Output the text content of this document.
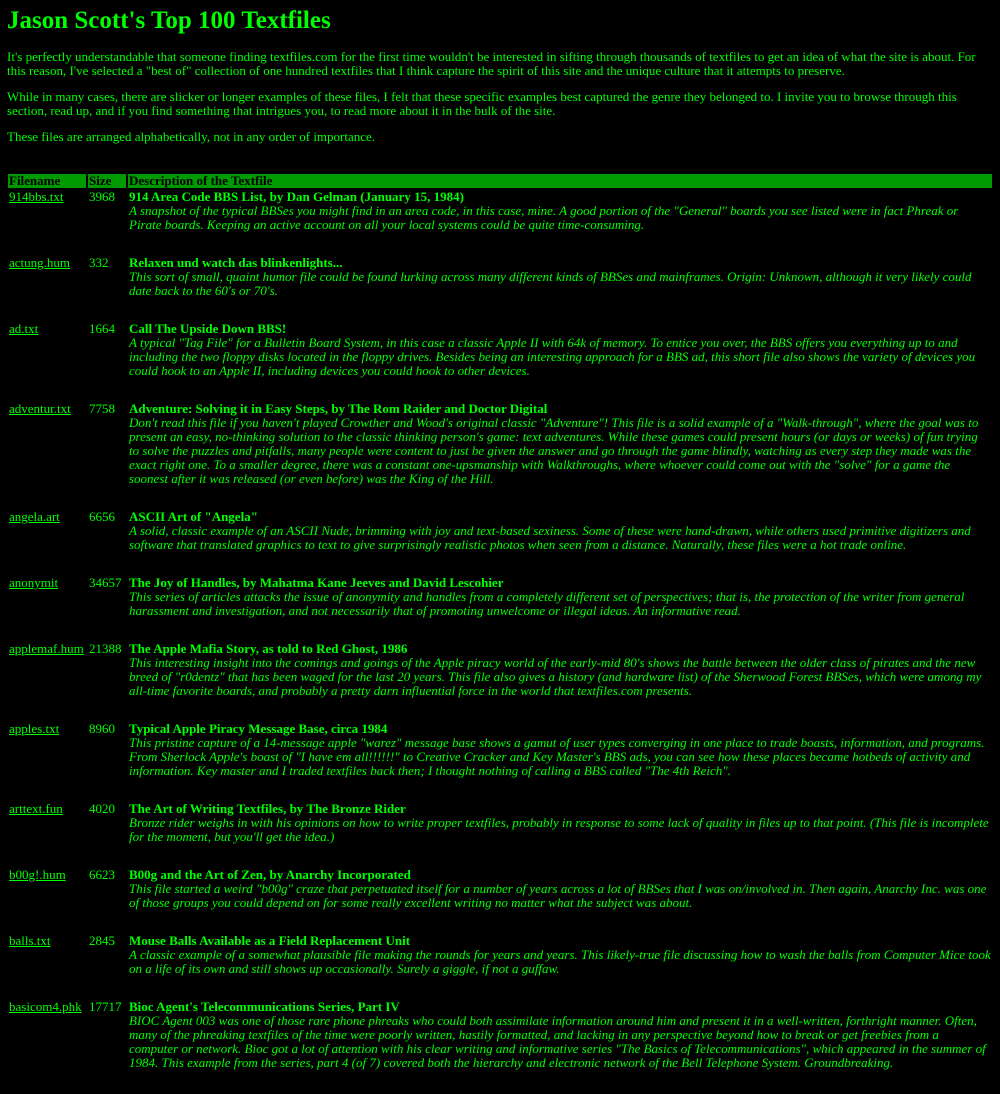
Jason Scott's Top 100 Textfiles

It's perfectly understandable that someone finding textfiles.com for the first time wouldn't be interested in sifting through thousands of textfiles to get an idea of what the site is about. For this reason, I've selected a "best of" collection of one hundred textfiles that I think capture the spirit of this site and the unique culture that it attempts to preserve.

While in many cases, there are slicker or longer examples of these files, I felt that these specific examples best captured the genre they belonged to. I invite you to browse through this section, read up, and if you find something that intrigues you, to read more about it in the bulk of the site.

These files are arranged alphabetically, not in any order of importance.

Filename	Size	Description of the Textfile
914bbs.txt	3968	914 Area Code BBS List, by Dan Gelman (January 15, 1984)
A snapshot of the typical BBSes you might find in an area code, in this case, mine. A good portion of the "General" boards you see listed were in fact Phreak or Pirate boards. Keeping an active account on all your local systems could be quite time-consuming.

actung.hum	332	Relaxen und watch das blinkenlights...
This sort of small, quaint humor file could be found lurking across many different kinds of BBSes and mainframes. Origin: Unknown, although it very likely could date back to the 60's or 70's.

ad.txt	1664	Call The Upside Down BBS!
A typical "Tag File" for a Bulletin Board System, in this case a classic Apple II with 64k of memory. To entice you over, the BBS offers you everything up to and including the two floppy disks located in the floppy drives. Besides being an interesting approach for a BBS ad, this short file also shows the variety of devices you could hook to an Apple II, including devices you could hook to other devices.

adventur.txt	7758	Adventure: Solving it in Easy Steps, by The Rom Raider and Doctor Digital
Don't read this file if you haven't played Crowther and Wood's original classic "Adventure"! This file is a solid example of a "Walk-through", where the goal was to present an easy, no-thinking solution to the classic thinking person's game: text adventures. While these games could present hours (or days or weeks) of fun trying to solve the puzzles and pitfalls, many people were content to just be given the answer and go through the game blindly, watching as every step they made was the exact right one. To a smaller degree, there was a constant one-upsmanship with Walkthroughs, where whoever could come out with the "solve" for a game the soonest after it was released (or even before) was the King of the Hill.

angela.art	6656	ASCII Art of "Angela"
A solid, classic example of an ASCII Nude, brimming with joy and text-based sexiness. Some of these were hand-drawn, while others used primitive digitizers and software that translated graphics to text to give surprisingly realistic photos when seen from a distance. Naturally, these files were a hot trade online.

anonymit	34657	The Joy of Handles, by Mahatma Kane Jeeves and David Lescohier
This series of articles attacks the issue of anonymity and handles from a completely different set of perspectives; that is, the protection of the writer from general harassment and investigation, and not necessarily that of promoting unwelcome or illegal ideas. An informative read.

applemaf.hum	21388	The Apple Mafia Story, as told to Red Ghost, 1986
This interesting insight into the comings and goings of the Apple piracy world of the early-mid 80's shows the battle between the older class of pirates and the new breed of "r0dentz" that has been waged for the last 20 years. This file also gives a history (and hardware list) of the Sherwood Forest BBSes, which were among my all-time favorite boards, and probably a pretty darn influential force in the world that textfiles.com presents.

apples.txt	8960	Typical Apple Piracy Message Base, circa 1984
This pristine capture of a 14-message apple "warez" message base shows a gamut of user types converging in one place to trade boasts, information, and programs. From Sherlock Apple's boast of "I have em all!!!!!!" to Creative Cracker and Key Master's BBS ads, you can see how these places became hotbeds of activity and information. Key master and I traded textfiles back then; I thought nothing of calling a BBS called "The 4th Reich".

arttext.fun	4020	The Art of Writing Textfiles, by The Bronze Rider
Bronze rider weighs in with his opinions on how to write proper textfiles, probably in response to some lack of quality in files up to that point. (This file is incomplete for the moment, but you'll get the idea.)

b00g!.hum	6623	B00g and the Art of Zen, by Anarchy Incorporated
This file started a weird "b00g" craze that perpetuated itself for a number of years across a lot of BBSes that I was on/involved in. Then again, Anarchy Inc. was one of those groups you could depend on for some really excellent writing no matter what the subject was about.

balls.txt	2845	Mouse Balls Available as a Field Replacement Unit
A classic example of a somewhat plausible file making the rounds for years and years. This likely-true file discussing how to wash the balls from Computer Mice took on a life of its own and still shows up occasionally. Surely a giggle, if not a guffaw.

basicom4.phk	17717	Bioc Agent's Telecommunications Series, Part IV
BIOC Agent 003 was one of those rare phone phreaks who could both assimilate information around him and present it in a well-written, forthright manner. Often, many of the phreaking textfiles of the time were poorly written, hastily formatted, and lacking in any perspective beyond how to break or get freebies from a computer or network. Bioc got a lot of attention with his clear writing and informative series "The Basics of Telecommunications", which appeared in the summer of 1984. This example from the series, part 4 (of 7) covered both the hierarchy and electronic network of the Bell Telephone System. Groundbreaking.
